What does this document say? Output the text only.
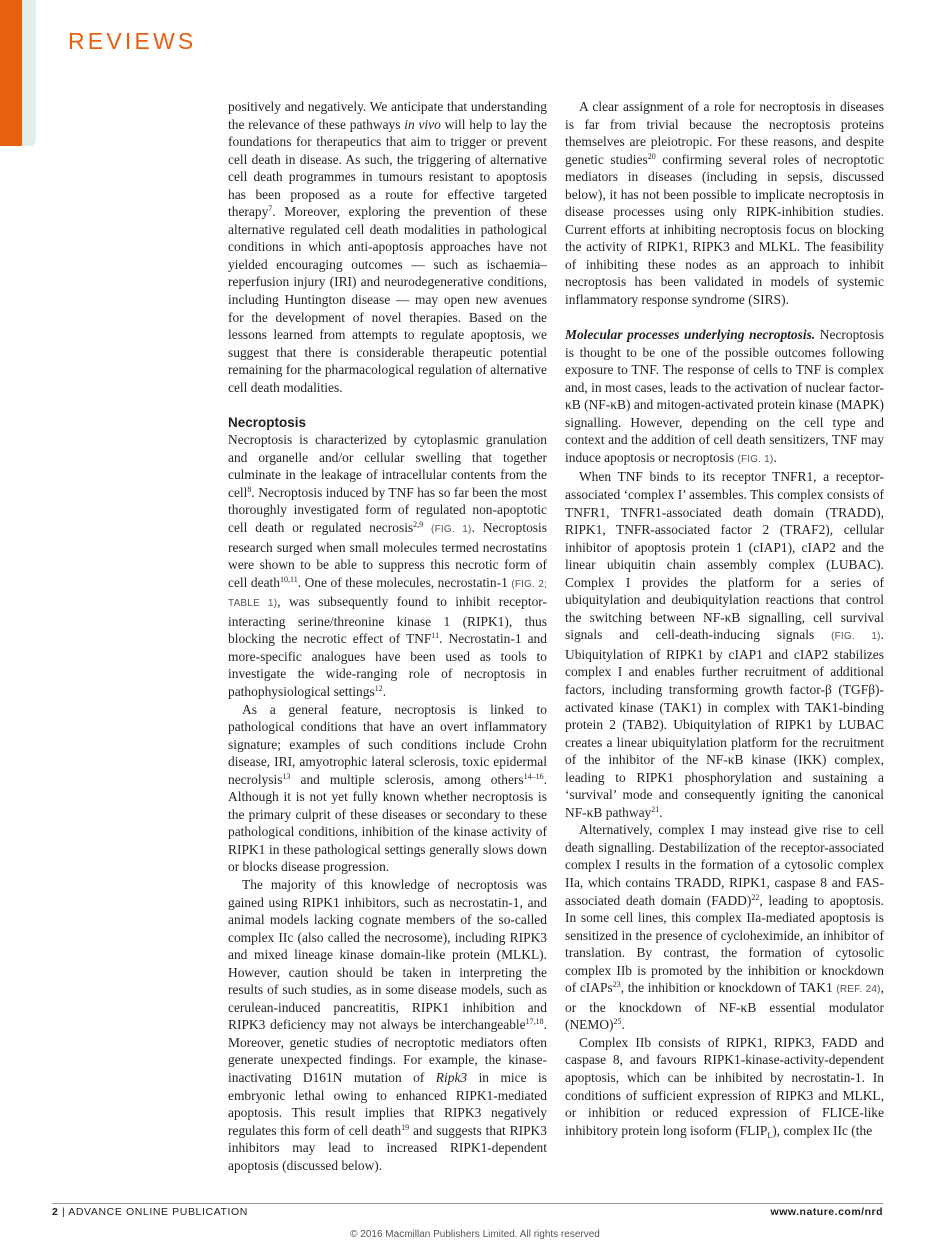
REVIEWS

positively and negatively. We anticipate that understanding the relevance of these pathways in vivo will help to lay the foundations for therapeutics that aim to trigger or prevent cell death in disease. As such, the triggering of alternative cell death programmes in tumours resistant to apoptosis has been proposed as a route for effective targeted therapy$^7$. Moreover, exploring the prevention of these alternative regulated cell death modalities in pathological conditions in which anti-apoptosis approaches have not yielded encouraging outcomes — such as ischaemia–reperfusion injury (IRI) and neurodegenerative conditions, including Huntington disease — may open new avenues for the development of novel therapies. Based on the lessons learned from attempts to regulate apoptosis, we suggest that there is considerable therapeutic potential remaining for the pharmacological regulation of alternative cell death modalities.

Necroptosis

Necroptosis is characterized by cytoplasmic granulation and organelle and/or cellular swelling that together culminate in the leakage of intracellular contents from the cell$^8$. Necroptosis induced by TNF has so far been the most thoroughly investigated form of regulated non-apoptotic cell death or regulated necrosis$^{2,9}$ (FIG. 1). Necroptosis research surged when small molecules termed necrostatins were shown to be able to suppress this necrotic form of cell death$^{10,11}$. One of these molecules, necrostatin-1 (FIG. 2; TABLE 1), was subsequently found to inhibit receptor-interacting serine/threonine kinase 1 (RIPK1), thus blocking the necrotic effect of TNF$^{11}$. Necrostatin-1 and more-specific analogues have been used as tools to investigate the wide-ranging role of necroptosis in pathophysiological settings$^{12}$.

As a general feature, necroptosis is linked to pathological conditions that have an overt inflammatory signature; examples of such conditions include Crohn disease, IRI, amyotrophic lateral sclerosis, toxic epidermal necrolysis$^{13}$ and multiple sclerosis, among others$^{14-16}$. Although it is not yet fully known whether necroptosis is the primary culprit of these diseases or secondary to these pathological conditions, inhibition of the kinase activity of RIPK1 in these pathological settings generally slows down or blocks disease progression.

The majority of this knowledge of necroptosis was gained using RIPK1 inhibitors, such as necrostatin-1, and animal models lacking cognate members of the so-called complex IIc (also called the necrosome), including RIPK3 and mixed lineage kinase domain-like protein (MLKL). However, caution should be taken in interpreting the results of such studies, as in some disease models, such as cerulean-induced pancreatitis, RIPK1 inhibition and RIPK3 deficiency may not always be interchangeable$^{17,18}$. Moreover, genetic studies of necroptotic mediators often generate unexpected findings. For example, the kinase-inactivating D161N mutation of Ripk3 in mice is embryonic lethal owing to enhanced RIPK1-mediated apoptosis. This result implies that RIPK3 negatively regulates this form of cell death$^{19}$ and suggests that RIPK3 inhibitors may lead to increased RIPK1-dependent apoptosis (discussed below).

A clear assignment of a role for necroptosis in diseases is far from trivial because the necroptosis proteins themselves are pleiotropic. For these reasons, and despite genetic studies$^{20}$ confirming several roles of necroptotic mediators in diseases (including in sepsis, discussed below), it has not been possible to implicate necroptosis in disease processes using only RIPK-inhibition studies. Current efforts at inhibiting necroptosis focus on blocking the activity of RIPK1, RIPK3 and MLKL. The feasibility of inhibiting these nodes as an approach to inhibit necroptosis has been validated in models of systemic inflammatory response syndrome (SIRS).

Molecular processes underlying necroptosis. Necroptosis is thought to be one of the possible outcomes following exposure to TNF. The response of cells to TNF is complex and, in most cases, leads to the activation of nuclear factor-κB (NF-κB) and mitogen-activated protein kinase (MAPK) signalling. However, depending on the cell type and context and the addition of cell death sensitizers, TNF may induce apoptosis or necroptosis (FIG. 1).

When TNF binds to its receptor TNFR1, a receptor-associated ‘complex I’ assembles. This complex consists of TNFR1, TNFR1-associated death domain (TRADD), RIPK1, TNFR-associated factor 2 (TRAF2), cellular inhibitor of apoptosis protein 1 (cIAP1), cIAP2 and the linear ubiquitin chain assembly complex (LUBAC). Complex I provides the platform for a series of ubiquitylation and deubiquitylation reactions that control the switching between NF-κB signalling, cell survival signals and cell-death-inducing signals (FIG. 1). Ubiquitylation of RIPK1 by cIAP1 and cIAP2 stabilizes complex I and enables further recruitment of additional factors, including transforming growth factor-β (TGFβ)-activated kinase (TAK1) in complex with TAK1-binding protein 2 (TAB2). Ubiquitylation of RIPK1 by LUBAC creates a linear ubiquitylation platform for the recruitment of the inhibitor of the NF-κB kinase (IKK) complex, leading to RIPK1 phosphorylation and sustaining a ‘survival’ mode and consequently igniting the canonical NF-κB pathway$^{21}$.

Alternatively, complex I may instead give rise to cell death signalling. Destabilization of the receptor-associated complex I results in the formation of a cytosolic complex IIa, which contains TRADD, RIPK1, caspase 8 and FAS-associated death domain (FADD)$^{22}$, leading to apoptosis. In some cell lines, this complex IIa-mediated apoptosis is sensitized in the presence of cycloheximide, an inhibitor of translation. By contrast, the formation of cytosolic complex IIb is promoted by the inhibition or knockdown of cIAPs$^{23}$, the inhibition or knockdown of TAK1 (REF. 24), or the knockdown of NF-κB essential modulator (NEMO)$^{25}$.

Complex IIb consists of RIPK1, RIPK3, FADD and caspase 8, and favours RIPK1-kinase-activity-dependent apoptosis, which can be inhibited by necrostatin-1. In conditions of sufficient expression of RIPK3 and MLKL, or inhibition or reduced expression of FLICE-like inhibitory protein long isoform $(FLIP_L)$, complex IIc (the

2 | ADVANCE ONLINE PUBLICATION	www.nature.com/nrd
© 2016 Macmillan Publishers Limited. All rights reserved
